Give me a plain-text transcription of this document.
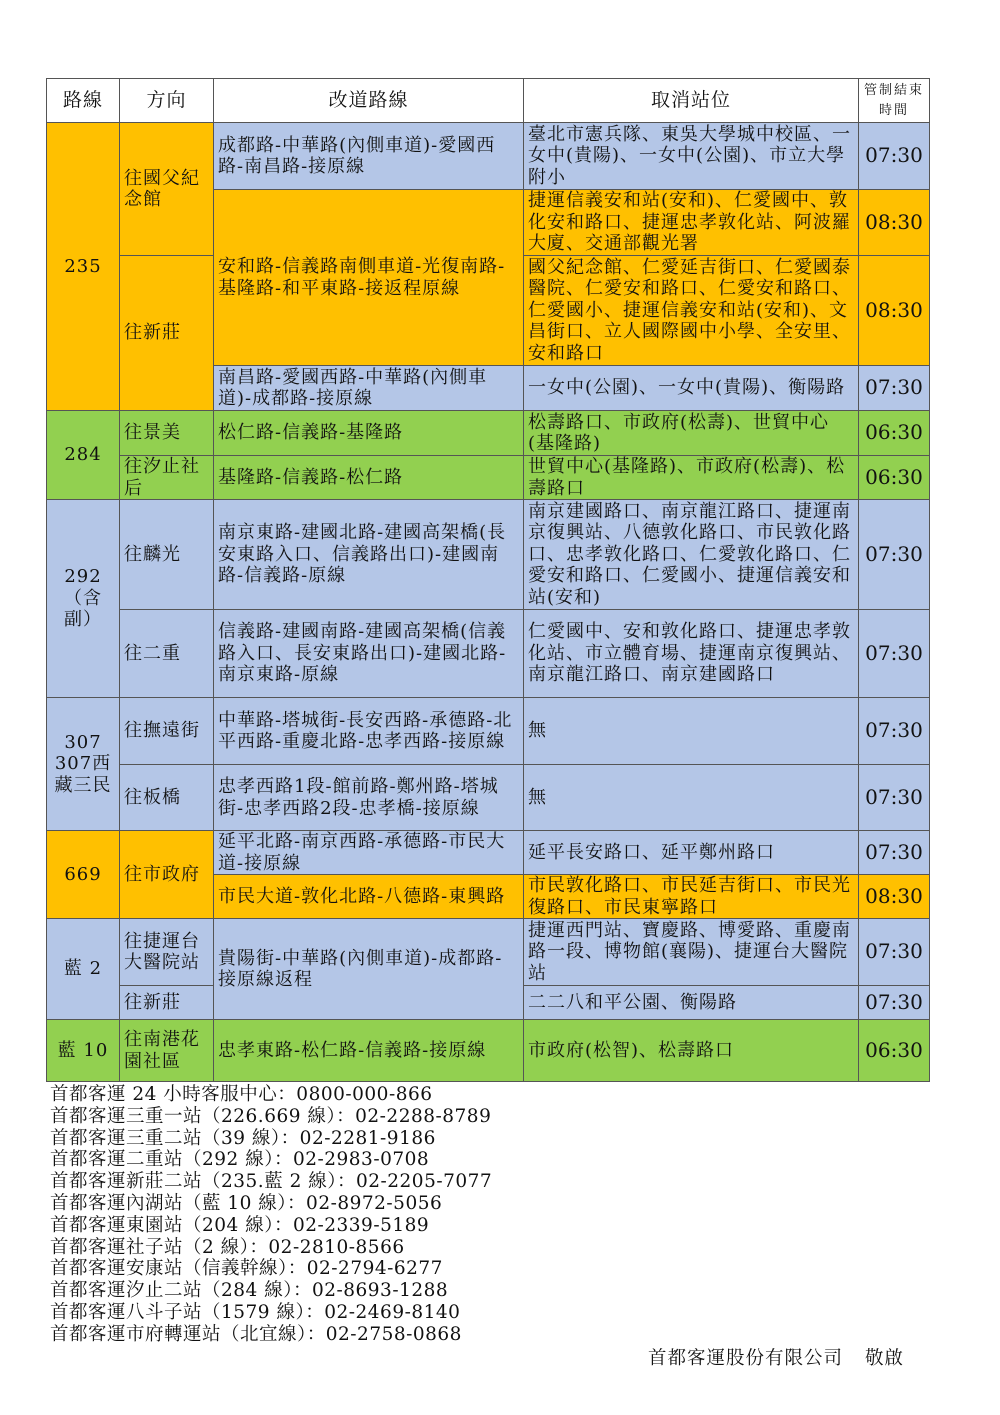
路線	方向	改道路線	取消站位	管制結束時間
235	往國父紀念館	成都路-中華路(內側車道)-愛國西路-南昌路-接原線	臺北市憲兵隊、東吳大學城中校區、一女中(貴陽)、一女中(公園)、市立大學附小	07:30
		安和路-信義路南側車道-光復南路-基隆路-和平東路-接返程原線	捷運信義安和站(安和)、仁愛國中、敦化安和路口、捷運忠孝敦化站、阿波羅大廈、交通部觀光署	08:30
	往新莊		國父紀念館、仁愛延吉街口、仁愛國泰醫院、仁愛安和路口、仁愛安和路口、仁愛國小、捷運信義安和站(安和)、文昌街口、立人國際國中小學、全安里、安和路口	08:30
		南昌路-愛國西路-中華路(內側車道)-成都路-接原線	一女中(公園)、一女中(貴陽)、衡陽路	07:30
284	往景美	松仁路-信義路-基隆路	松壽路口、市政府(松壽)、世貿中心(基隆路)	06:30
	往汐止社后	基隆路-信義路-松仁路	世貿中心(基隆路)、市政府(松壽)、松壽路口	06:30
292（含副）	往麟光	南京東路-建國北路-建國高架橋(長安東路入口、信義路出口)-建國南路-信義路-原線	南京建國路口、南京龍江路口、捷運南京復興站、八德敦化路口、市民敦化路口、忠孝敦化路口、仁愛敦化路口、仁愛安和路口、仁愛國小、捷運信義安和站(安和)	07:30
	往二重	信義路-建國南路-建國高架橋(信義路入口、長安東路出口)-建國北路-南京東路-原線	仁愛國中、安和敦化路口、捷運忠孝敦化站、市立體育場、捷運南京復興站、南京龍江路口、南京建國路口	07:30
307 307西 藏三民	往撫遠街	中華路-塔城街-長安西路-承德路-北平西路-重慶北路-忠孝西路-接原線	無	07:30
	往板橋	忠孝西路1段-館前路-鄭州路-塔城街-忠孝西路2段-忠孝橋-接原線	無	07:30
669	往市政府	延平北路-南京西路-承德路-市民大道-接原線	延平長安路口、延平鄭州路口	07:30
		市民大道-敦化北路-八德路-東興路	市民敦化路口、市民延吉街口、市民光復路口、市民東寧路口	08:30
藍 2	往捷運台大醫院站	貴陽街-中華路(內側車道)-成都路-接原線返程	捷運西門站、寶慶路、博愛路、重慶南路一段、博物館(襄陽)、捷運台大醫院站	07:30
	往新莊		二二八和平公園、衡陽路	07:30
藍 10	往南港花園社區	忠孝東路-松仁路-信義路-接原線	市政府(松智)、松壽路口	06:30
首都客運 24 小時客服中心：0800-000-866
首都客運三重一站（226.669 線）：02-2288-8789
首都客運三重二站（39 線）：02-2281-9186
首都客運二重站（292 線）：02-2983-0708
首都客運新莊二站（235.藍 2 線）：02-2205-7077
首都客運內湖站（藍 10 線）：02-8972-5056
首都客運東園站（204 線）：02-2339-5189
首都客運社子站（2 線）：02-2810-8566
首都客運安康站（信義幹線）：02-2794-6277
首都客運汐止二站（284 線）：02-8693-1288
首都客運八斗子站（1579 線）：02-2469-8140
首都客運市府轉運站（北宜線）：02-2758-0868
首都客運股份有限公司 敬啟
